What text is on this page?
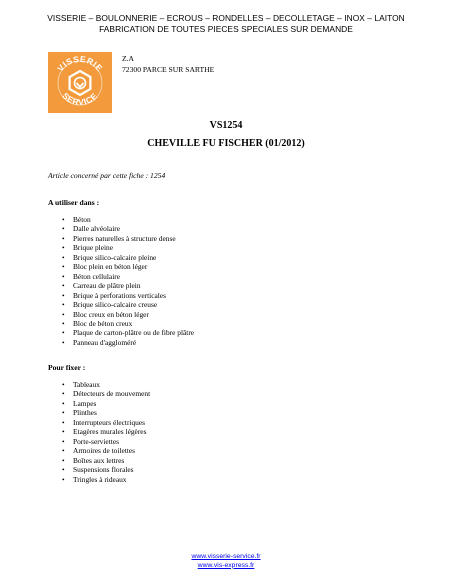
VISSERIE – BOULONNERIE – ECROUS – RONDELLES – DECOLLETAGE – INOX – LAITON
FABRICATION DE TOUTES PIECES SPECIALES SUR DEMANDE
VISSERIE
SERVICE
Z.A
72300 PARCE SUR SARTHE
VS1254
CHEVILLE FU FISCHER (01/2012)
Article concerné par cette fiche : 1254
A utiliser dans :
• Béton
• Dalle alvéolaire
• Pierres naturelles à structure dense
• Brique pleine
• Brique silico-calcaire pleine
• Bloc plein en béton léger
• Béton cellulaire
• Carreau de plâtre plein
• Brique à perforations verticales
• Brique silico-calcaire creuse
• Bloc creux en béton léger
• Bloc de béton creux
• Plaque de carton-plâtre ou de fibre plâtre
• Panneau d'aggloméré
Pour fixer :
• Tableaux
• Détecteurs de mouvement
• Lampes
• Plinthes
• Interrupteurs électriques
• Etagères murales légères
• Porte-serviettes
• Armoires de toilettes
• Boîtes aux lettres
• Suspensions florales
• Tringles à rideaux
www.visserie-service.fr
www.vis-express.fr
